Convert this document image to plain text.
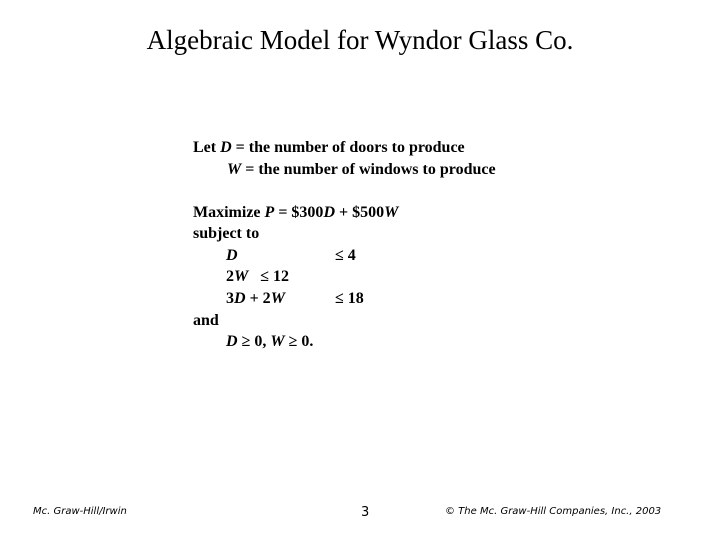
Algebraic Model for Wyndor Glass Co.
Let D = the number of doors to produce
W = the number of windows to produce
Maximize P = $300D + $500W
subject to
D	≤ 4
2W ≤ 12
3D + 2W	≤ 18
and
D ≥ 0, W ≥ 0.
Mc. Graw-Hill/Irwin	3	© The Mc. Graw-Hill Companies, Inc., 2003
